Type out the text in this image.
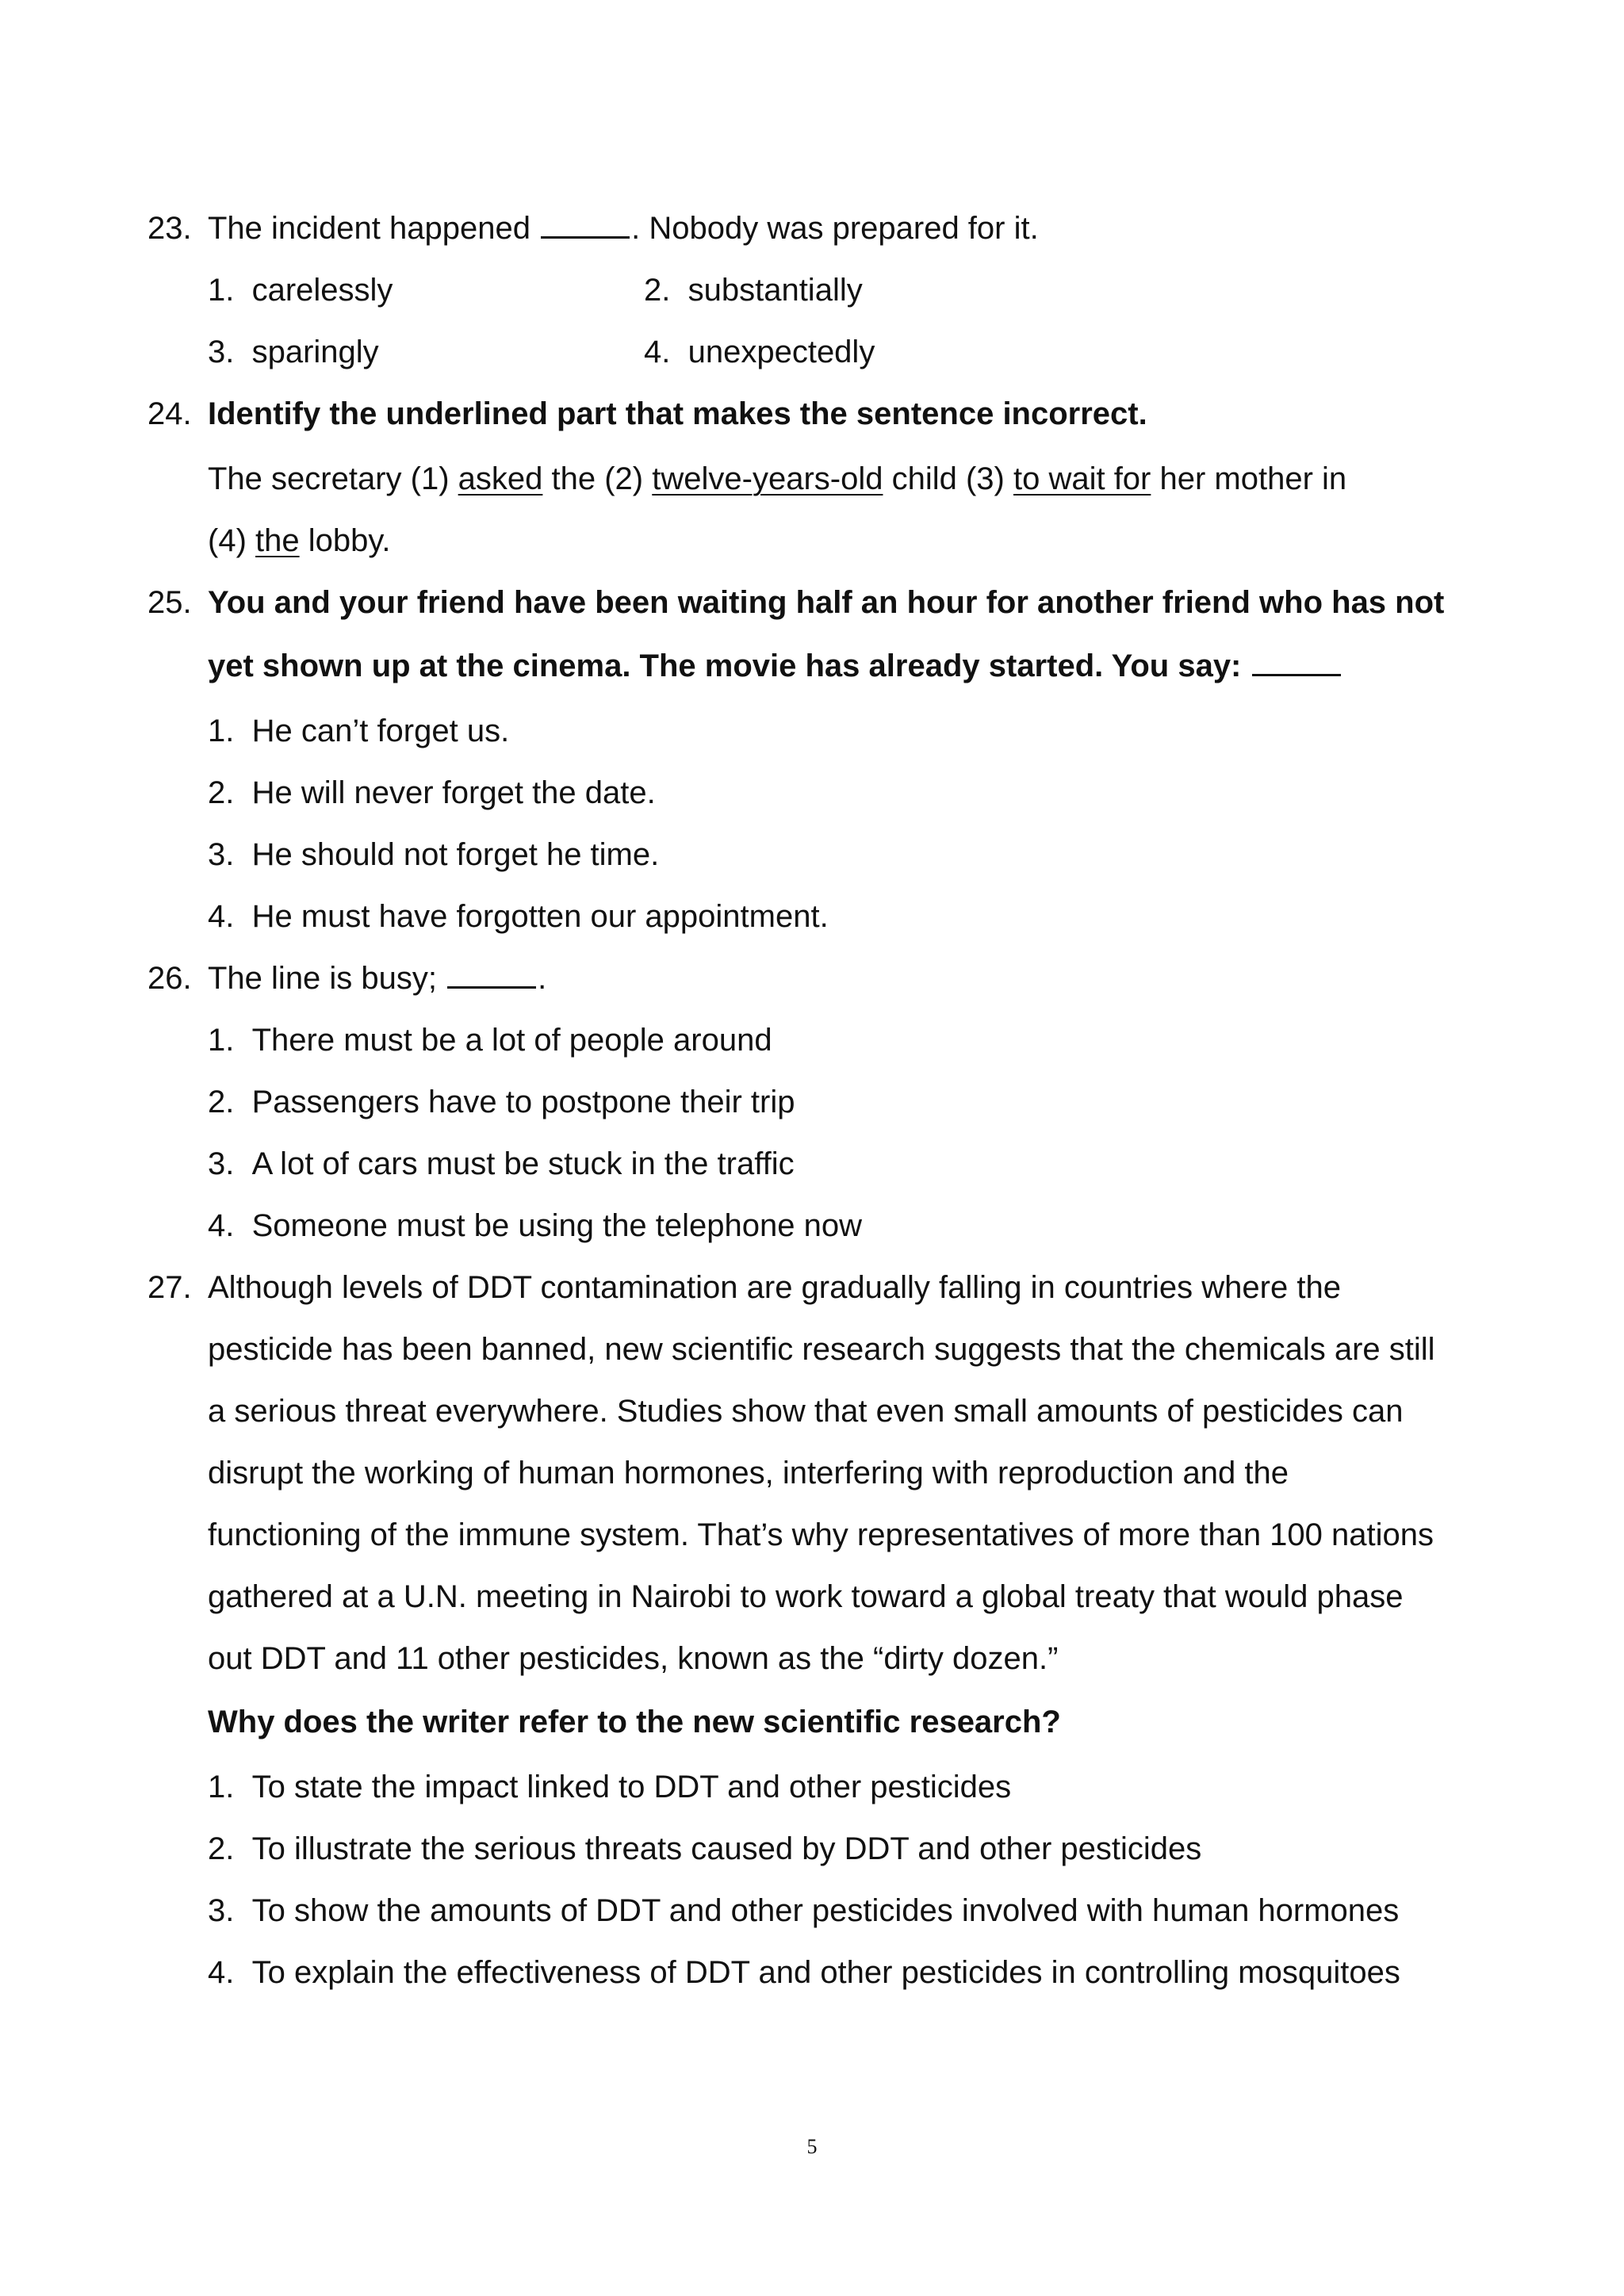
23. The incident happened	. Nobody was prepared for it.
1. carelessly	2. substantially
3. sparingly	4. unexpectedly
24. Identify the underlined part that makes the sentence incorrect.
The secretary (1) asked the (2) twelve-years-old child (3) to wait for her mother in
(4) the lobby.
25. You and your friend have been waiting half an hour for another friend who has not
yet shown up at the cinema. The movie has already started. You say:
1. He can’t forget us.
2. He will never forget the date.
3. He should not forget he time.
4. He must have forgotten our appointment.
26. The line is busy;	.
1. There must be a lot of people around
2. Passengers have to postpone their trip
3. A lot of cars must be stuck in the traffic
4. Someone must be using the telephone now
27. Although levels of DDT contamination are gradually falling in countries where the
pesticide has been banned, new scientific research suggests that the chemicals are still
a serious threat everywhere. Studies show that even small amounts of pesticides can
disrupt the working of human hormones, interfering with reproduction and the
functioning of the immune system. That’s why representatives of more than 100 nations
gathered at a U.N. meeting in Nairobi to work toward a global treaty that would phase
out DDT and 11 other pesticides, known as the “dirty dozen.”
Why does the writer refer to the new scientific research?
1. To state the impact linked to DDT and other pesticides
2. To illustrate the serious threats caused by DDT and other pesticides
3. To show the amounts of DDT and other pesticides involved with human hormones
4. To explain the effectiveness of DDT and other pesticides in controlling mosquitoes
5
